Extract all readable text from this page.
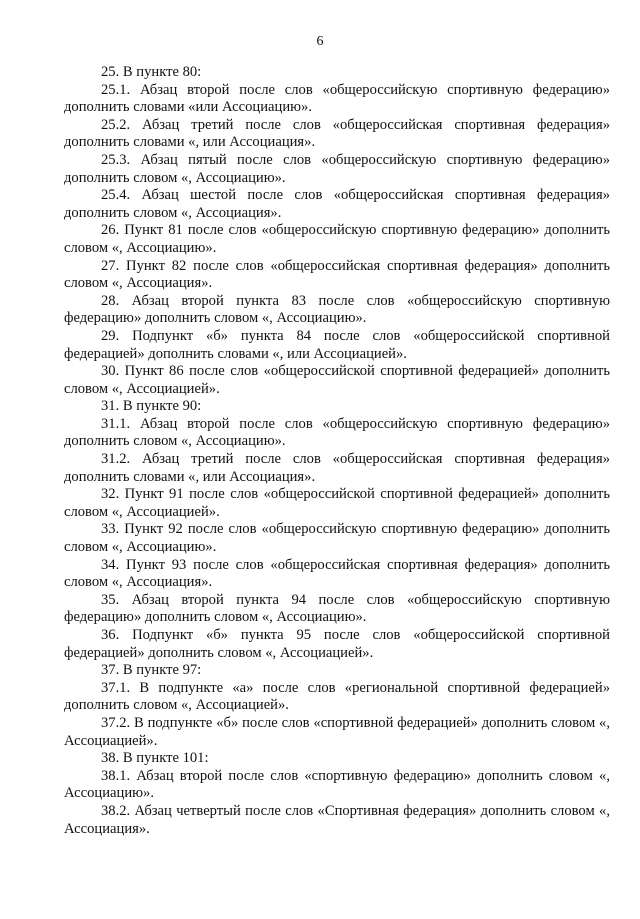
6

25. В пункте 80:

25.1. Абзац второй после слов «общероссийскую спортивную федерацию» дополнить словами «или Ассоциацию».

25.2. Абзац третий после слов «общероссийская спортивная федерация» дополнить словами «, или Ассоциация».

25.3. Абзац пятый после слов «общероссийскую спортивную федерацию» дополнить словом «, Ассоциацию».

25.4. Абзац шестой после слов «общероссийская спортивная федерация» дополнить словом «, Ассоциация».

26. Пункт 81 после слов «общероссийскую спортивную федерацию» дополнить словом «, Ассоциацию».

27. Пункт 82 после слов «общероссийская спортивная федерация» дополнить словом «, Ассоциация».

28. Абзац второй пункта 83 после слов «общероссийскую спортивную федерацию» дополнить словом «, Ассоциацию».

29. Подпункт «б» пункта 84 после слов «общероссийской спортивной федерацией» дополнить словами «, или Ассоциацией».

30. Пункт 86 после слов «общероссийской спортивной федерацией» дополнить словом «, Ассоциацией».

31. В пункте 90:

31.1. Абзац второй после слов «общероссийскую спортивную федерацию» дополнить словом «, Ассоциацию».

31.2. Абзац третий после слов «общероссийская спортивная федерация» дополнить словами «, или Ассоциация».

32. Пункт 91 после слов «общероссийской спортивной федерацией» дополнить словом «, Ассоциацией».

33. Пункт 92 после слов «общероссийскую спортивную федерацию» дополнить словом «, Ассоциацию».

34. Пункт 93 после слов «общероссийская спортивная федерация» дополнить словом «, Ассоциация».

35. Абзац второй пункта 94 после слов «общероссийскую спортивную федерацию» дополнить словом «, Ассоциацию».

36. Подпункт «б» пункта 95 после слов «общероссийской спортивной федерацией» дополнить словом «, Ассоциацией».

37. В пункте 97:

37.1. В подпункте «а» после слов «региональной спортивной федерацией» дополнить словом «, Ассоциацией».

37.2. В подпункте «б» после слов «спортивной федерацией» дополнить словом «, Ассоциацией».

38. В пункте 101:

38.1. Абзац второй после слов «спортивную федерацию» дополнить словом «, Ассоциацию».

38.2. Абзац четвертый после слов «Спортивная федерация» дополнить словом «, Ассоциация».
